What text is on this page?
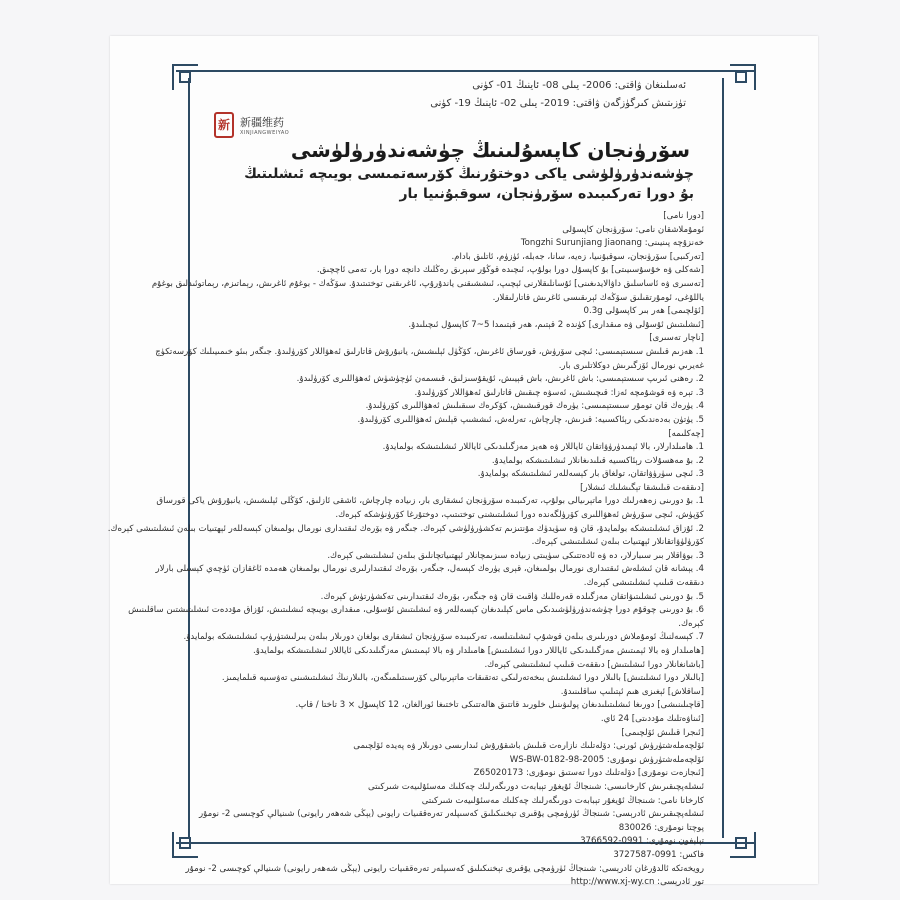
ئەسلىنغان ۋاقتى: 2006- يىلى 08- ئاينىڭ 01- كۈنى
تۈزىتىش كىرگۈزگەن ۋاقتى: 2019- يىلى 02- ئاينىڭ 19- كۈنى
新 新疆维药
XINJIANGWEIYAO
سۆرۈنجان كاپسۇلىنىڭ چۈشەندۈرۈلۈشى
چۈشەندۈرۈلۈشى ياكى دوختۇرنىڭ كۆرسەتمىسى بويىچە ئىشلىتىڭ
بۇ دورا تەركىبىدە سۆرۈنجان، سوقبۇنىيا بار
[دورا نامى]
ئومۇملاشقان نامى: سۆرۈنجان كاپسۇلى
خەنزۇچە پىنيىنى: Tongzhi Surunjiang Jiaonang
[تەركىبى] سۆرۈنجان، سوقبۇنىيا، زەيە، سانا، جەبلە، ئۈزۈم، ئاتلىق بادام.
[شەكلى ۋە خۇسۇسىيىتى] بۇ كاپسۇل دورا بولۇپ، ئىچىدە قوڭۇر سېرىق رەڭلىك دانچە دورا بار، تەمى ئاچچىق.
[تەسىرى ۋە ئاساسلىق داۋالايدىغىنى] ئۇسانلىقلارنى ئېچىپ، ئىششىقنى ياندۇرۇپ، ئاغرىقنى توختىتىدۇ. سۆڭەك - بوغۇم ئاغرىش، رېماتىزم، رېماتوئىدلىق بوغۇم
ياللۇغى، ئومۇرتقىلىق سۆڭەك ئېرىقىسى ئاغرىش قاتارلىقلار.
[ئۆلچىمى] ھەر بىر كاپسۇلى 0.3g
[ئىشلىتىش ئۇسۇلى ۋە مىقدارى] كۈندە 2 قېتىم، ھەر قېتىمدا 5~7 كاپسۇل ئىچىلىدۇ.
[ناچار تەسىرى]
1. ھەزىم قىلىش سىستېمىسى: ئىچى سۆرۈش، قورساق ئاغرىش، كۆڭۈل ئېلىشىش، يانبۇرۇش قاتارلىق ئەھۋاللار كۆرۈلىدۇ. جىگەر بىئو خىمىيىلىك كۆرسەتكۈچ
غەيرىي نورمال ئۆزگىرىش دوكلاتلىرى بار.
2. رەھنى ئىرىپ سىستېمىسى: باش ئاغرىش، باش قېيىش، ئۇيقۇسىزلىق، قىسمەن ئۈچۈشۈش ئەھۋاللىرى كۆرۈلىدۇ.
3. تېرە ۋە قوشۇمچە ئەزا: قىچىشىش، ئەسۋە چىقىش قاتارلىق ئەھۋاللار كۆرۈلىدۇ.
4. يۈرەك قان تومۇر سىستېمىسى: يۈرەك قورقىشىش، كۆكرەك سىقىلىش ئەھۋاللىرى كۆرۈلىدۇ.
5. يۈتۈن بەدەندىكى رېئاكسىيە: قىزىش، چارچاش، تەرلەش، ئىششىپ قېلىش ئەھۋاللىرى كۆرۈلىدۇ.
[چەكلىمە]
1. ھامىلدارلار، بالا ئېمىدۈرۈۋاتقان ئاياللار ۋە ھەيز مەزگىلىدىكى ئاياللار ئىشلىتىشكە بولمايدۇ.
2. بۇ مەھسۇلات رېئاكسىيە قىلىدىغانلار ئىشلىتىشكە بولمايدۇ.
3. ئىچى سۈرۈۋاتقان، تولغاق بار كېسەللەر ئىشلىتىشكە بولمايدۇ.
[دىققەت قىلىشقا تېگىشلىك ئىشلار]
1. بۇ دورىنى زەھەرلىك دورا ماتېرىيالى بولۇپ، تەركىبىدە سۆرۈنجان ئىشقارى بار، زىيادە چارچاش، ئاشقى ئازلىق، كۆڭلى ئېلىشىش، يانبۇرۇش ياكى قورساق
كۆپۈش، ئىچى سۆرۈش ئەھۋاللىرى كۆرۈلگەندە دورا ئىشلىتىشنى توختىتىپ، دوختۇرغا كۆرۈنۈشكە كېرەك.
2. ئۇزاق ئىشلىتىشكە بولمايدۇ، قان ۋە سۈيدۈك مۇنتىزىم تەكشۈرۈلۈشى كېرەك. جىگەر ۋە بۆرەك ئىقتىدارى نورمال بولمىغان كېسەللەر ئېھتىيات بىلەن ئىشلىتىشى كېرەك.
كۆرۈلۈۋاتقانلار ئېھتىيات بىلەن ئىشلىتىشى كېرەك.
3. بوۋاقلار بىر سىبارلار، دە ۋە ئادەتتىكى سۈيىتى زىيادە سىزىمچانلار ئېھتىياتچانلىق بىلەن ئىشلىتىشى كېرەك.
4. يېشانە قان ئىشلەش ئىقتىدارى نورمال بولمىغان، قېرى يۈرەك كېسەل، جىگەر، بۆرەك ئىقتىدارلىرى نورمال بولمىغان ھەمدە ئاغقازان ئۈچەي كېسىلى بارلار
دىققەت قىلىپ ئىشلىتىشى كېرەك.
5. بۇ دورىنى ئىشلىتىۋاتقان مەزگىلدە قەرەللىك ۋاقىت قان ۋە جىگەر، بۆرەك ئىقتىدارىنى تەكشۈرتۈش كېرەك.
6. بۇ دورىنى چوقۇم دورا چۈشەندۈرۈلۈشىدىكى ماس كېلىدىغان كېسەللەر ۋە ئىشلىتىش ئۇسۇلى، مىقدارى بويىچە ئىشلىتىش، ئۇزاق مۇددەت ئىشلىتىشتىن ساقلىنىش
كېرەك.
7. كېسەلنىڭ ئومۇملاش دورىلىرى بىلەن قوشۇپ ئىشلىتىلسە، تەركىبىدە سۆرۈنجان ئىشقارى بولغان دورىلار بىلەن بىرلىشتۈرۈپ ئىشلىتىشكە بولمايدۇ.
[ھامىلدار ۋە بالا ئېمىتىش مەزگىلىدىكى ئاياللار دورا ئىشلىتىش] ھامىلدار ۋە بالا ئېمىتىش مەزگىلىدىكى ئاياللار ئىشلىتىشكە بولمايدۇ.
[باشانغانلار دورا ئىشلىتىش] دىققەت قىلىپ ئىشلىتىشى كېرەك.
[بالىلار دورا ئىشلىتىش] بالىلار دورا ئىشلىتىش بىخەتەرلىكى تەتقىقات ماتېرىيالى كۆرسىتىلمىگەن، بالىلارنىڭ ئىشلىتىشىنى تەۋسىيە قىلمايمىز.
[ساقلاش] ئېغىزى ھىم ئېتىلىپ ساقلىنىدۇ.
[قاچىلىنىشى] دورىغا ئىشلىتىلىدىغان پولىۋىنىل خلورىد قاتتىق ھالەتتىكى تاختىغا ئورالغان، 12 كاپسۇل × 3 تاختا / قاپ.
[ئىناۋەتلىك مۇددىتى] 24 ئاي.
[ئىجرا قىلىش ئۆلچىمى]
ئۆلچەملەشتۈرۈش ئورنى: دۆلەتلىك نازارەت قىلىش باشقۇرۇش ئىدارىسى دورىلار ۋە پەيدە ئۆلچىمى
ئۆلچەملەشتۈرۈش نومۇرى: WS-BW-0182-98-2005
[ئىجازەت نومۇرى] دۆلەتلىك دورا تەستىق نومۇرى: Z65020173
ئىشلەپچىقىرىش كارخانىسى: شىنجاڭ ئۇيغۇر تېبابەت دورىگەرلىك چەكلىك مەسئۇلىيەت شىركىتى
كارخانا نامى: شىنجاڭ ئۇيغۇر تېبابەت دورىگەرلىك چەكلىك مەسئۇلىيەت شىركىتى
ئىشلەپچىقىرىش ئادرېسى: شىنجاڭ ئۈرۈمچى يۇقىرى تېخنىكىلىق كەسىپلەر تەرەققىيات رايونى (يېڭى شەھەر رايونى) شىنيالې كوچىسى 2- نومۇر
پوچتا نومۇرى: 830026
تېلېفون نومۇرى: 0991-3766592
فاكس: 0991-3727587
رويخەتكە ئالدۇرغان ئادرېسى: شىنجاڭ ئۈرۈمچى يۇقىرى تېخنىكىلىق كەسىپلەر تەرەققىيات رايونى (يېڭى شەھەر رايونى) شىنيالې كوچىسى 2- نومۇر
تور ئادرېسى: http://www.xj-wy.cn
